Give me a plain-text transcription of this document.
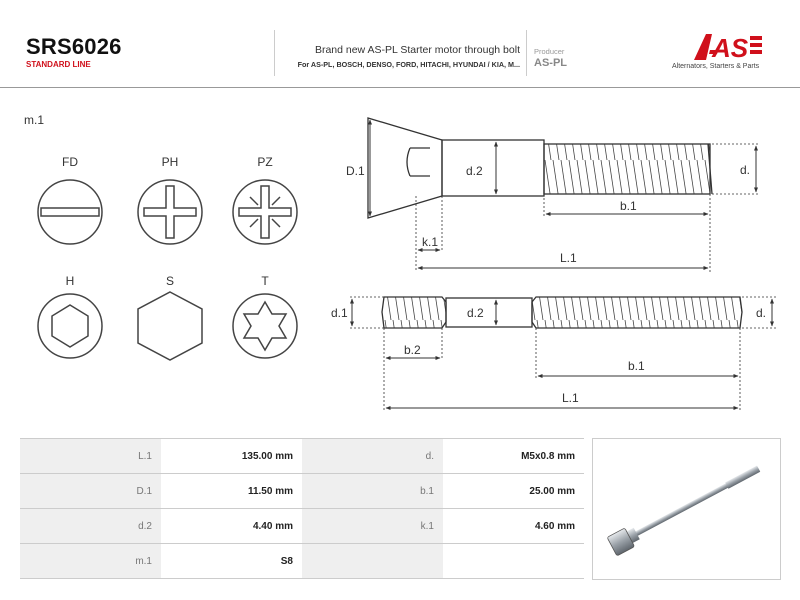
SRS6026
STANDARD LINE
Brand new AS-PL Starter motor through bolt
For AS-PL, BOSCH, DENSO, FORD, HITACHI, HYUNDAI / KIA, M...
Producer
AS-PL	AS
Alternators, Starters & Parts
m.1
FD	PH	PZ
H	S	T
D.1	d.2	d.
b.1
k.1
L.1
d.1	d.2	d.
b.2
b.1
L.1
L.1	135.00 mm	d.	M5x0.8 mm
D.1	11.50 mm	b.1	25.00 mm
d.2	4.40 mm	k.1	4.60 mm
m.1	S8
